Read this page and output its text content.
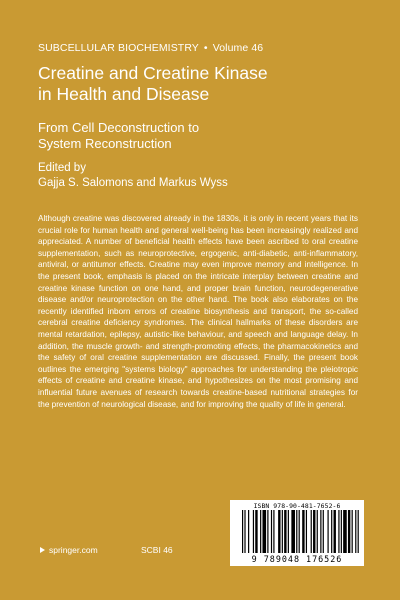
SUBCELLULAR BIOCHEMISTRY • Volume 46
Creatine and Creatine Kinase
in Health and Disease
From Cell Deconstruction to
System Reconstruction
Edited by
Gajja S. Salomons and Markus Wyss

Although creatine was discovered already in the 1830s, it is only in recent years that its crucial role for human health and general well-being has been increasingly realized and appreciated. A number of beneficial health effects have been ascribed to oral creatine supplementation, such as neuroprotective, ergogenic, anti-diabetic, anti-inflammatory, antiviral, or antitumor effects. Creatine may even improve memory and intelligence. In the present book, emphasis is placed on the intricate interplay between creatine and creatine kinase function on one hand, and proper brain function, neurodegenerative disease and/or neuroprotection on the other hand. The book also elaborates on the recently identified inborn errors of creatine biosynthesis and transport, the so-called cerebral creatine deficiency syndromes. The clinical hallmarks of these disorders are mental retardation, epilepsy, autistic-like behaviour, and speech and language delay. In addition, the muscle growth- and strength-promoting effects, the pharmacokinetics and the safety of oral creatine supplementation are discussed. Finally, the present book outlines the emerging "systems biology" approaches for understanding the pleiotropic effects of creatine and creatine kinase, and hypothesizes on the most promising and influential future avenues of research towards creatine-based nutritional strategies for the prevention of neurological disease, and for improving the quality of life in general.

ISBN 978-90-481-7652-6
9 789048 176526
springer.com	SCBI 46
